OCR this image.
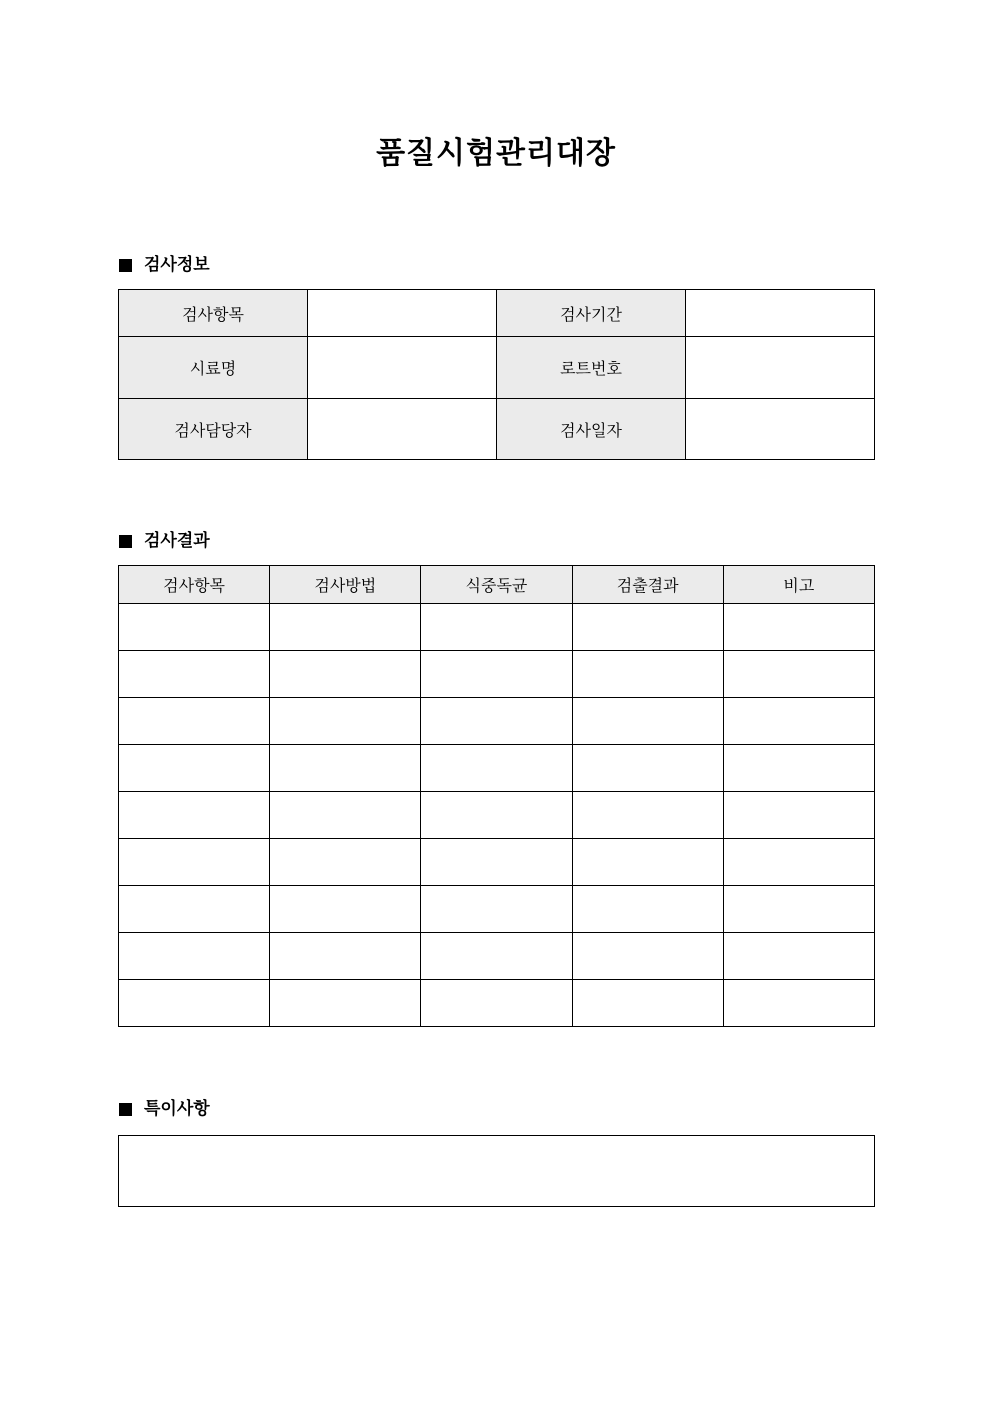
품질시험관리대장
검사정보
검사항목		검사기간	
시료명		로트번호	
검사담당자		검사일자	
검사결과
검사항목	검사방법	식중독균	검출결과	비고

특이사항
